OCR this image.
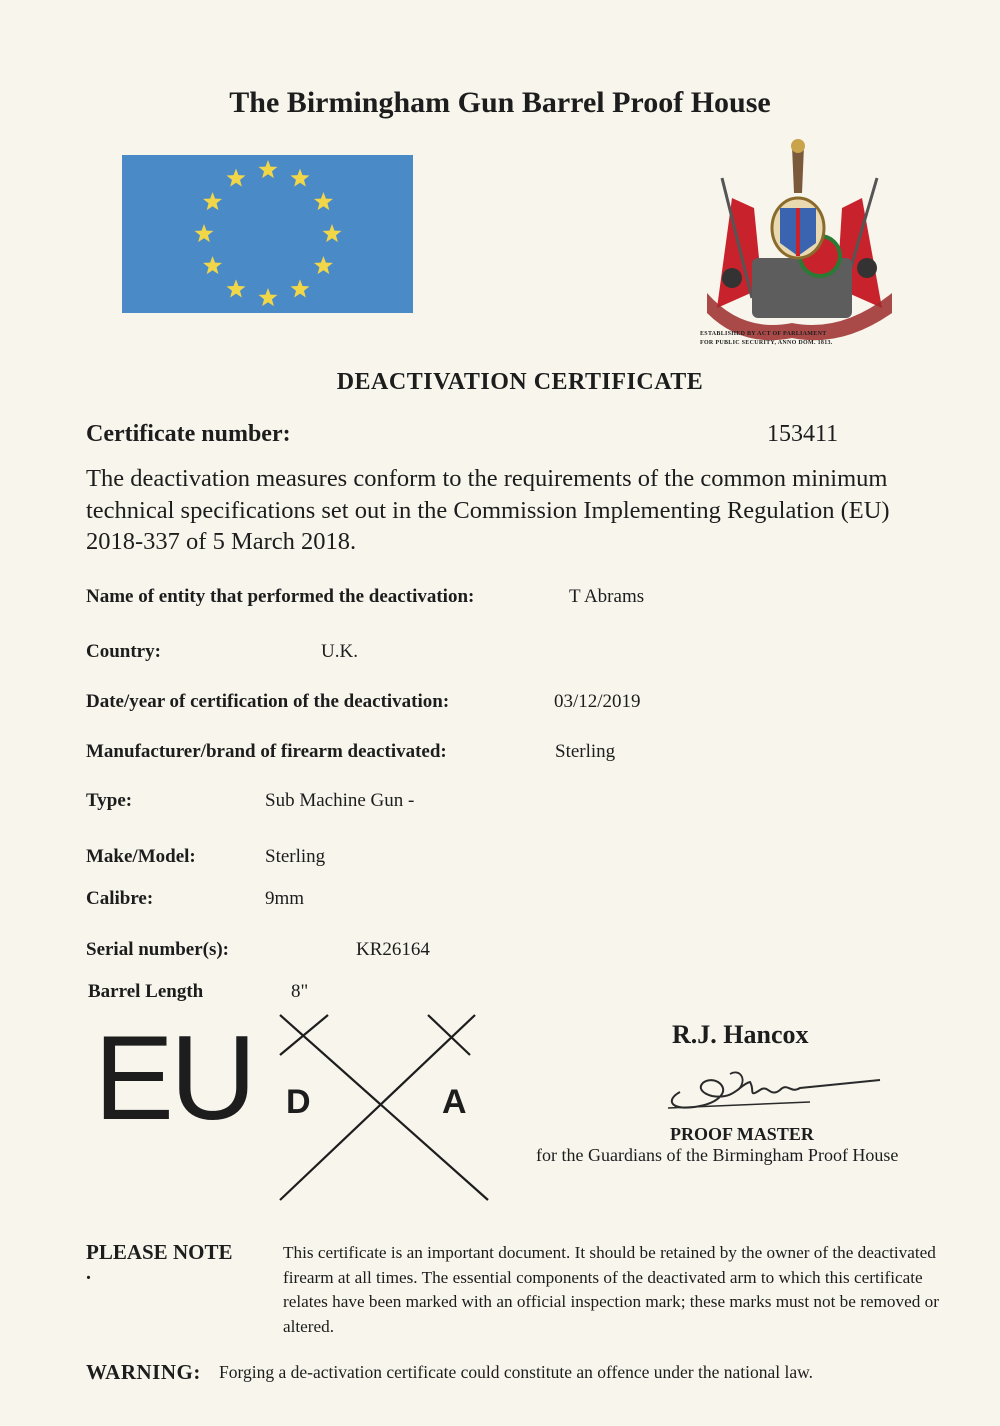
The Birmingham Gun Barrel Proof House
ESTABLISHED BY ACT OF PARLIAMENT
FOR PUBLIC SECURITY, ANNO DOM. 1813.
DEACTIVATION CERTIFICATE
Certificate number:	153411
The deactivation measures conform to the requirements of the common minimum technical specifications set out in the Commission Implementing Regulation (EU) 2018-337 of 5 March 2018.
Name of entity that performed the deactivation:	T Abrams
Country:	U.K.
Date/year of certification of the deactivation:	03/12/2019
Manufacturer/brand of firearm deactivated:	Sterling
Type:	Sub Machine Gun -
Make/Model:	Sterling
Calibre:	9mm
Serial number(s):	KR26164
Barrel Length	8"
EU D	A
R.J. Hancox
PROOF MASTER
for the Guardians of the Birmingham Proof House
PLEASE NOTE
.
This certificate is an important document. It should be retained by the owner of the deactivated firearm at all times. The essential components of the deactivated arm to which this certificate relates have been marked with an official inspection mark; these marks must not be removed or altered.
WARNING: Forging a de-activation certificate could constitute an offence under the national law.
